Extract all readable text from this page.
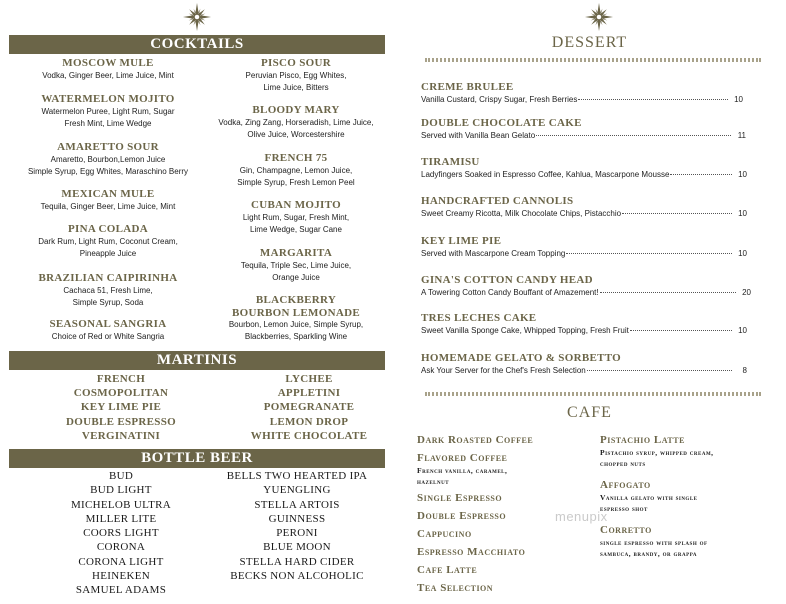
COCKTAILS
MOSCOW MULE
Vodka, Ginger Beer, Lime Juice, Mint
WATERMELON MOJITO
Watermelon Puree, Light Rum, Sugar
Fresh Mint, Lime Wedge
AMARETTO SOUR
Amaretto, Bourbon,Lemon Juice
Simple Syrup, Egg Whites, Maraschino Berry
MEXICAN MULE
Tequila, Ginger Beer, Lime Juice, Mint
PINA COLADA
Dark Rum, Light Rum, Coconut Cream,
Pineapple Juice
BRAZILIAN CAIPIRINHA
Cachaca 51, Fresh Lime,
Simple Syrup, Soda
SEASONAL SANGRIA
Choice of Red or White Sangria
PISCO SOUR
Peruvian Pisco, Egg Whites,
Lime Juice, Bitters
BLOODY MARY
Vodka, Zing Zang, Horseradish, Lime Juice,
Olive Juice, Worcestershire
FRENCH 75
Gin, Champagne, Lemon Juice,
Simple Syrup, Fresh Lemon Peel
CUBAN MOJITO
Light Rum, Sugar, Fresh Mint,
Lime Wedge, Sugar Cane
MARGARITA
Tequila, Triple Sec, Lime Juice,
Orange Juice
BLACKBERRY BOURBON LEMONADE
Bourbon, Lemon Juice, Simple Syrup,
Blackberries, Sparkling Wine
MARTINIS
FRENCH
COSMOPOLITAN
KEY LIME PIE
DOUBLE ESPRESSO
VERGINATINI
LYCHEE
APPLETINI
POMEGRANATE
LEMON DROP
WHITE CHOCOLATE
BOTTLE BEER
BUD
BUD LIGHT
MICHELOB ULTRA
MILLER LITE
COORS LIGHT
CORONA
CORONA LIGHT
HEINEKEN
SAMUEL ADAMS
BELLS TWO HEARTED IPA
YUENGLING
STELLA ARTOIS
GUINNESS
PERONI
BLUE MOON
STELLA HARD CIDER
BECKS NON ALCOHOLIC
DESSERT
CREME BRULEE
Vanilla Custard, Crispy Sugar, Fresh Berries	10
DOUBLE CHOCOLATE CAKE
Served with Vanilla Bean Gelato	11
TIRAMISU
Ladyfingers Soaked in Espresso Coffee, Kahlua, Mascarpone Mousse	10
HANDCRAFTED CANNOLIS
Sweet Creamy Ricotta, Milk Chocolate Chips, Pistacchio	10
KEY LIME PIE
Served with Mascarpone Cream Topping	10
GINA'S COTTON CANDY HEAD
A Towering Cotton Candy Bouffant of Amazement!	20
TRES LECHES CAKE
Sweet Vanilla Sponge Cake, Whipped Topping, Fresh Fruit	10
HOMEMADE GELATO & SORBETTO
Ask Your Server for the Chef's Fresh Selection	8
CAFE
Dark Roasted Coffee
Flavored Coffee
French vanilla, caramel,
hazelnut
Single Espresso
Double Espresso
Cappucino
Espresso Macchiato
Cafe Latte
Tea Selection
Pistachio Latte
Pistachio syrup, whipped cream,
chopped nuts
Affogato
Vanilla gelato with single
espresso shot
Corretto
single espresso with splash of
sambuca, brandy, or grappa
menupix
